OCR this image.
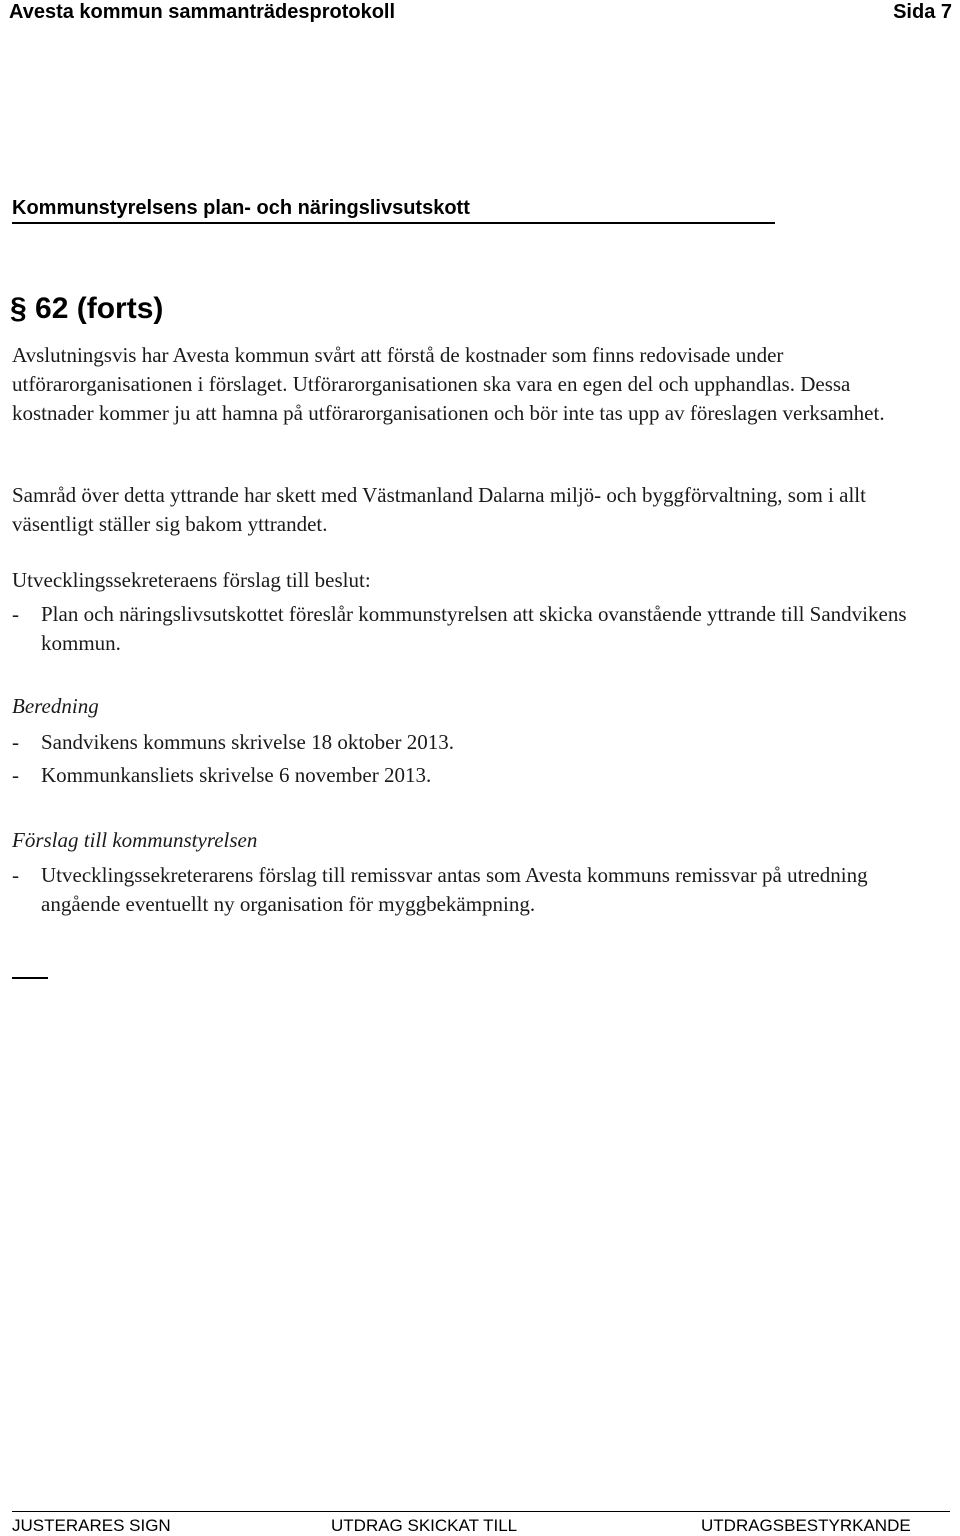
Avesta kommun sammanträdesprotokoll	Sida 7
Kommunstyrelsens plan- och näringslivsutskott
§ 62 (forts)
Avslutningsvis har Avesta kommun svårt att förstå de kostnader som finns redovisade under utförarorganisationen i förslaget. Utförarorganisationen ska vara en egen del och upphandlas. Dessa kostnader kommer ju att hamna på utförarorganisationen och bör inte tas upp av föreslagen verksamhet.
Samråd över detta yttrande har skett med Västmanland Dalarna miljö- och byggförvaltning, som i allt väsentligt ställer sig bakom yttrandet.
Utvecklingssekreteraens förslag till beslut:
-	Plan och näringslivsutskottet föreslår kommunstyrelsen att skicka ovanstående yttrande till Sandvikens kommun.
Beredning
-	Sandvikens kommuns skrivelse 18 oktober 2013.
-	Kommunkansliets skrivelse 6 november 2013.
Förslag till kommunstyrelsen
-	Utvecklingssekreterarens förslag till remissvar antas som Avesta kommuns remissvar på utredning angående eventuellt ny organisation för myggbekämpning.
JUSTERARES SIGN	UTDRAG SKICKAT TILL	UTDRAGSBESTYRKANDE
